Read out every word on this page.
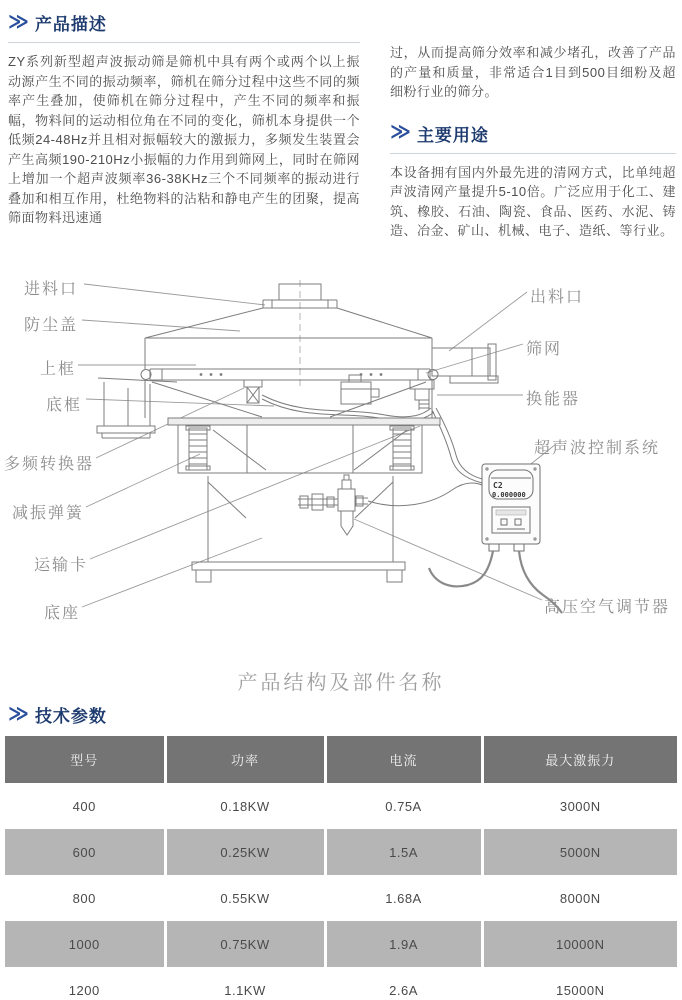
≫ 产品描述

ZY系列新型超声波振动筛是筛机中具有两个或两个以上振动源产生不同的振动频率，筛机在筛分过程中这些不同的频率产生叠加，使筛机在筛分过程中，产生不同的频率和振幅，物料间的运动相位角在不同的变化，筛机本身提供一个低频24-48Hz并且相对振幅较大的激振力，多频发生装置会产生高频190-210Hz小振幅的力作用到筛网上，同时在筛网上增加一个超声波频率36-38KHz三个不同频率的振动进行叠加和相互作用，杜绝物料的沾粘和静电产生的团聚，提高筛面物料迅速通

过，从而提高筛分效率和减少堵孔，改善了产品的产量和质量，非常适合1目到500目细粉及超细粉行业的筛分。

≫ 主要用途

本设备拥有国内外最先进的清网方式，比单纯超声波清网产量提升5-10倍。广泛应用于化工、建筑、橡胶、石油、陶瓷、食品、医药、水泥、铸造、冶金、矿山、机械、电子、造纸、等行业。

C2
0.000000
进料口
防尘盖
上框
底框
多频转换器
减振弹簧
运输卡
底座
出料口
筛网
换能器
超声波控制系统
高压空气调节器
产品结构及部件名称
≫ 技术参数
型号	功率	电流	最大激振力
400	0.18KW	0.75A	3000N
600	0.25KW	1.5A	5000N
800	0.55KW	1.68A	8000N
1000	0.75KW	1.9A	10000N
1200	1.1KW	2.6A	15000N
